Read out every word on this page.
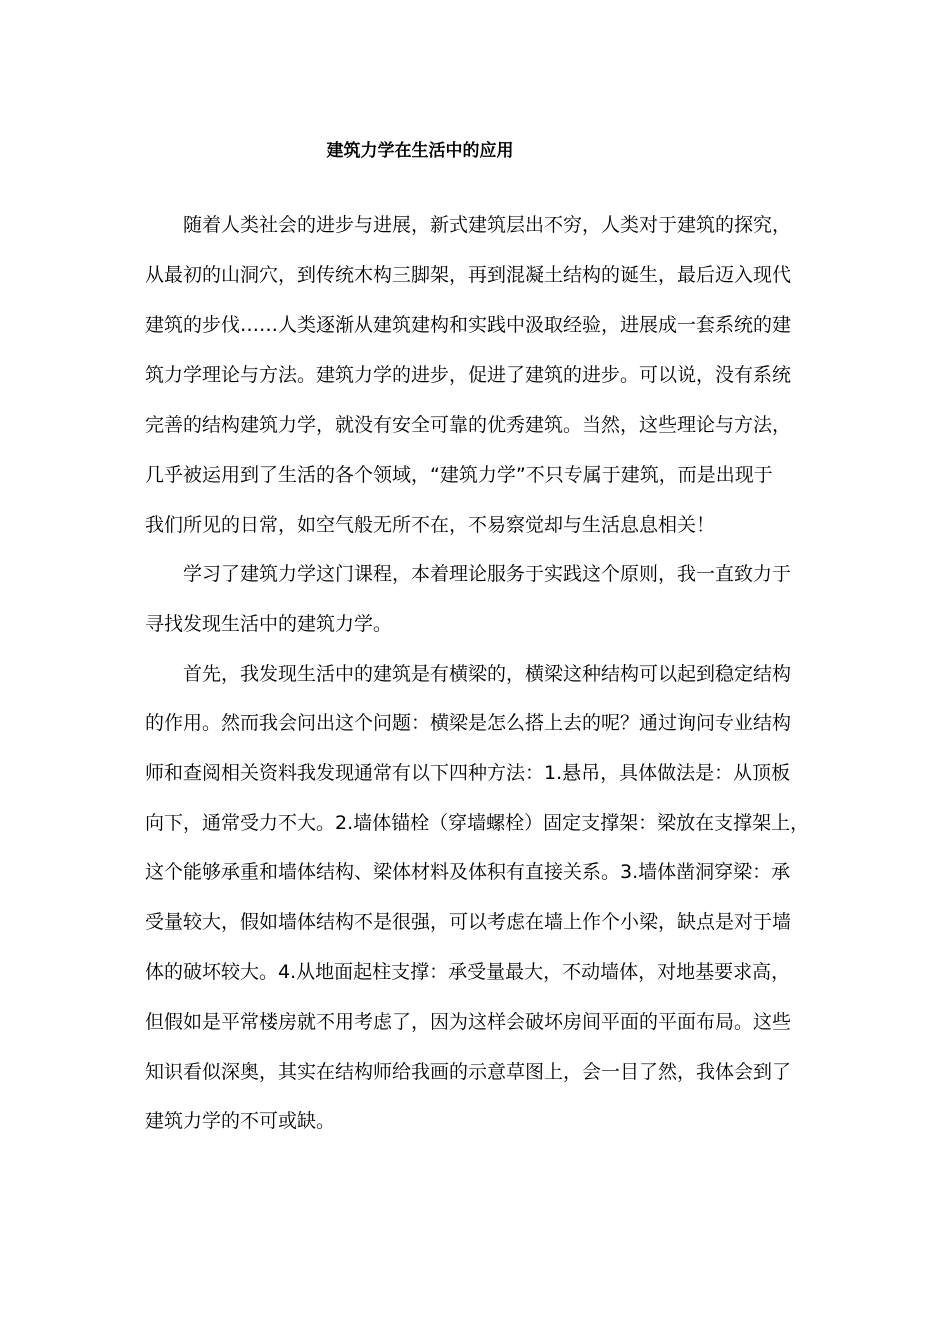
建筑力学在生活中的应用

随着人类社会的进步与进展，新式建筑层出不穷，人类对于建筑的探究，

从最初的山洞穴，到传统木构三脚架，再到混凝土结构的诞生，最后迈入现代

建筑的步伐……人类逐渐从建筑建构和实践中汲取经验，进展成一套系统的建

筑力学理论与方法。建筑力学的进步，促进了建筑的进步。可以说，没有系统

完善的结构建筑力学，就没有安全可靠的优秀建筑。当然，这些理论与方法，

几乎被运用到了生活的各个领域，“建筑力学”不只专属于建筑，而是出现于

我们所见的日常，如空气般无所不在，不易察觉却与生活息息相关！

学习了建筑力学这门课程，本着理论服务于实践这个原则，我一直致力于

寻找发现生活中的建筑力学。

首先，我发现生活中的建筑是有横梁的，横梁这种结构可以起到稳定结构

的作用。然而我会问出这个问题：横梁是怎么搭上去的呢？通过询问专业结构

师和查阅相关资料我发现通常有以下四种方法：1.悬吊，具体做法是：从顶板

向下，通常受力不大。2.墙体锚栓（穿墙螺栓）固定支撑架：梁放在支撑架上，

这个能够承重和墙体结构、梁体材料及体积有直接关系。3.墙体凿洞穿梁：承

受量较大，假如墙体结构不是很强，可以考虑在墙上作个小梁，缺点是对于墙

体的破坏较大。4.从地面起柱支撑：承受量最大，不动墙体，对地基要求高，

但假如是平常楼房就不用考虑了，因为这样会破坏房间平面的平面布局。这些

知识看似深奥，其实在结构师给我画的示意草图上，会一目了然，我体会到了

建筑力学的不可或缺。
